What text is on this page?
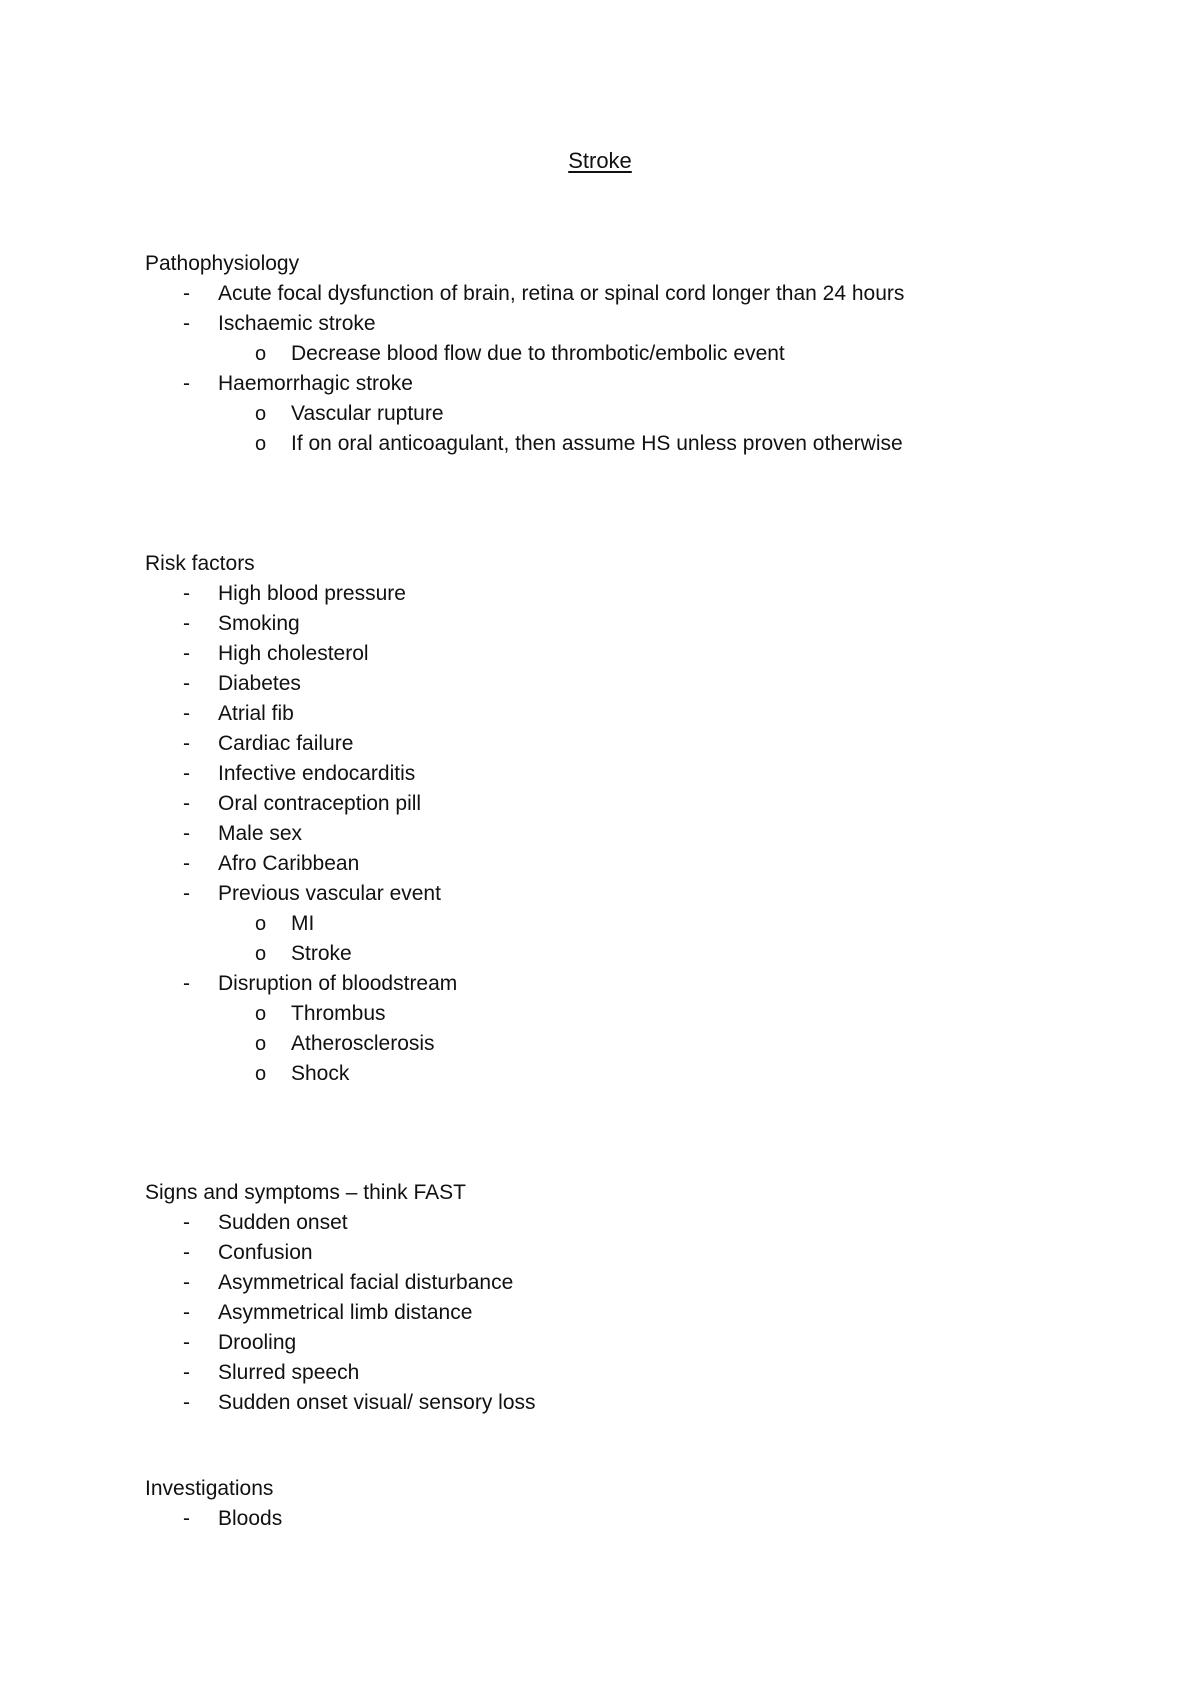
Stroke
Pathophysiology
- Acute focal dysfunction of brain, retina or spinal cord longer than 24 hours
- Ischaemic stroke
o Decrease blood flow due to thrombotic/embolic event
- Haemorrhagic stroke
o Vascular rupture
o If on oral anticoagulant, then assume HS unless proven otherwise
Risk factors
- High blood pressure
- Smoking
- High cholesterol
- Diabetes
- Atrial fib
- Cardiac failure
- Infective endocarditis
- Oral contraception pill
- Male sex
- Afro Caribbean
- Previous vascular event
o MI
o Stroke
- Disruption of bloodstream
o Thrombus
o Atherosclerosis
o Shock
Signs and symptoms – think FAST
- Sudden onset
- Confusion
- Asymmetrical facial disturbance
- Asymmetrical limb distance
- Drooling
- Slurred speech
- Sudden onset visual/ sensory loss
Investigations
- Bloods
